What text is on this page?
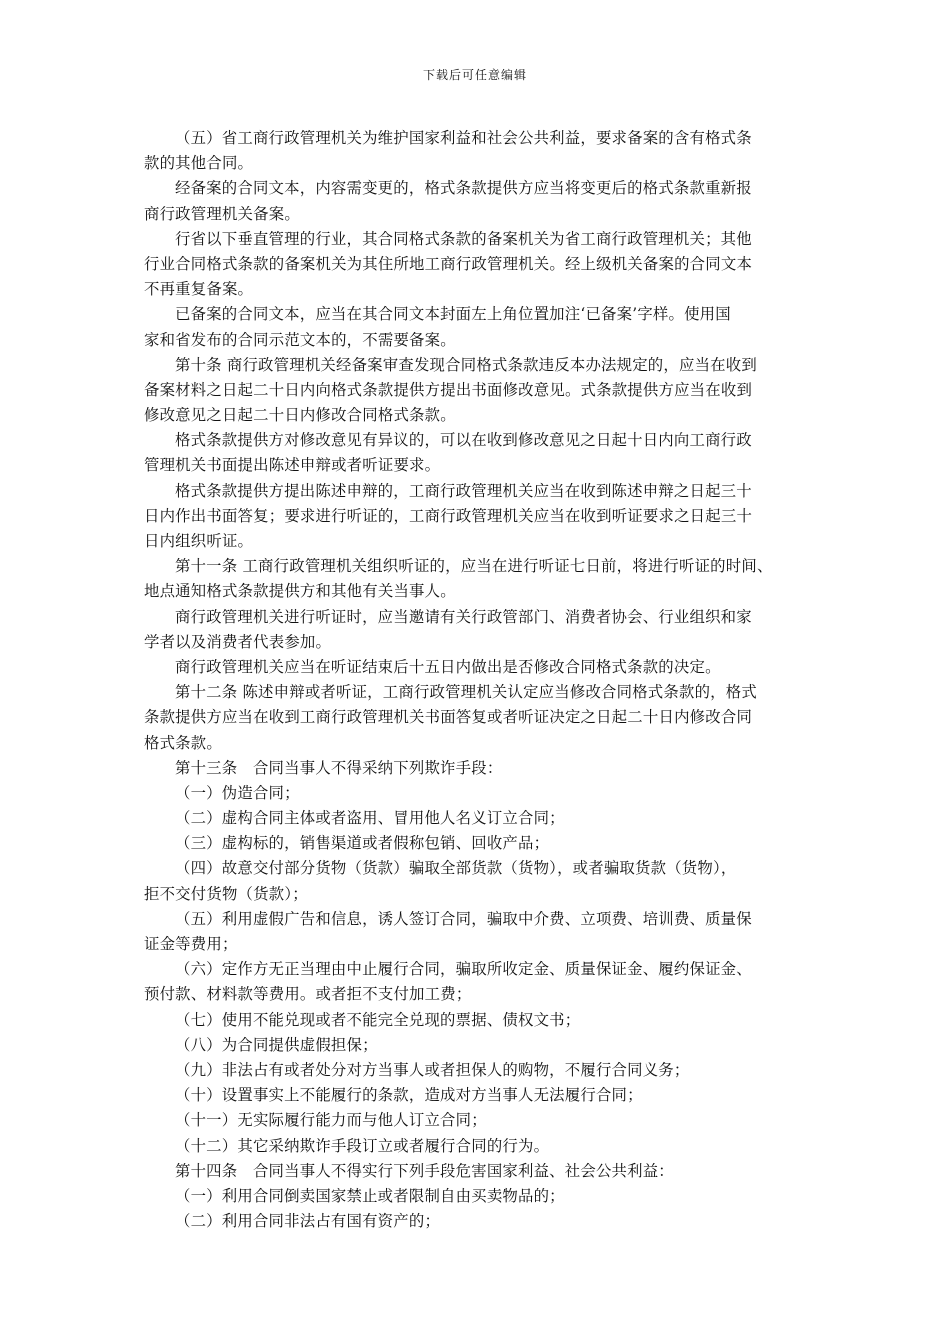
下载后可任意编辑
（五）省工商行政管理机关为维护国家利益和社会公共利益，要求备案的含有格式条
款的其他合同。
经备案的合同文本，内容需变更的，格式条款提供方应当将变更后的格式条款重新报
商行政管理机关备案。
行省以下垂直管理的行业，其合同格式条款的备案机关为省工商行政管理机关；其他
行业合同格式条款的备案机关为其住所地工商行政管理机关。经上级机关备案的合同文本
不再重复备案。
已备案的合同文本，应当在其合同文本封面左上角位置加注‘已备案’字样。使用国
家和省发布的合同示范文本的，不需要备案。
第十条 商行政管理机关经备案审查发现合同格式条款违反本办法规定的，应当在收到
备案材料之日起二十日内向格式条款提供方提出书面修改意见。式条款提供方应当在收到
修改意见之日起二十日内修改合同格式条款。
格式条款提供方对修改意见有异议的，可以在收到修改意见之日起十日内向工商行政
管理机关书面提出陈述申辩或者听证要求。
格式条款提供方提出陈述申辩的，工商行政管理机关应当在收到陈述申辩之日起三十
日内作出书面答复；要求进行听证的，工商行政管理机关应当在收到听证要求之日起三十
日内组织听证。
第十一条 工商行政管理机关组织听证的，应当在进行听证七日前，将进行听证的时间、
地点通知格式条款提供方和其他有关当事人。
商行政管理机关进行听证时，应当邀请有关行政管部门、消费者协会、行业组织和家
学者以及消费者代表参加。
商行政管理机关应当在听证结束后十五日内做出是否修改合同格式条款的决定。
第十二条 陈述申辩或者听证，工商行政管理机关认定应当修改合同格式条款的，格式
条款提供方应当在收到工商行政管理机关书面答复或者听证决定之日起二十日内修改合同
格式条款。
第十三条　合同当事人不得采纳下列欺诈手段：
（一）伪造合同；
（二）虚构合同主体或者盗用、冒用他人名义订立合同；
（三）虚构标的，销售渠道或者假称包销、回收产品；
（四）故意交付部分货物（货款）骗取全部货款（货物），或者骗取货款（货物），
拒不交付货物（货款）；
（五）利用虚假广告和信息，诱人签订合同，骗取中介费、立项费、培训费、质量保
证金等费用；
（六）定作方无正当理由中止履行合同，骗取所收定金、质量保证金、履约保证金、
预付款、材料款等费用。或者拒不支付加工费；
（七）使用不能兑现或者不能完全兑现的票据、债权文书；
（八）为合同提供虚假担保；
（九）非法占有或者处分对方当事人或者担保人的购物，不履行合同义务；
（十）设置事实上不能履行的条款，造成对方当事人无法履行合同；
（十一）无实际履行能力而与他人订立合同；
（十二）其它采纳欺诈手段订立或者履行合同的行为。
第十四条　合同当事人不得实行下列手段危害国家利益、社会公共利益：
（一）利用合同倒卖国家禁止或者限制自由买卖物品的；
（二）利用合同非法占有国有资产的；
